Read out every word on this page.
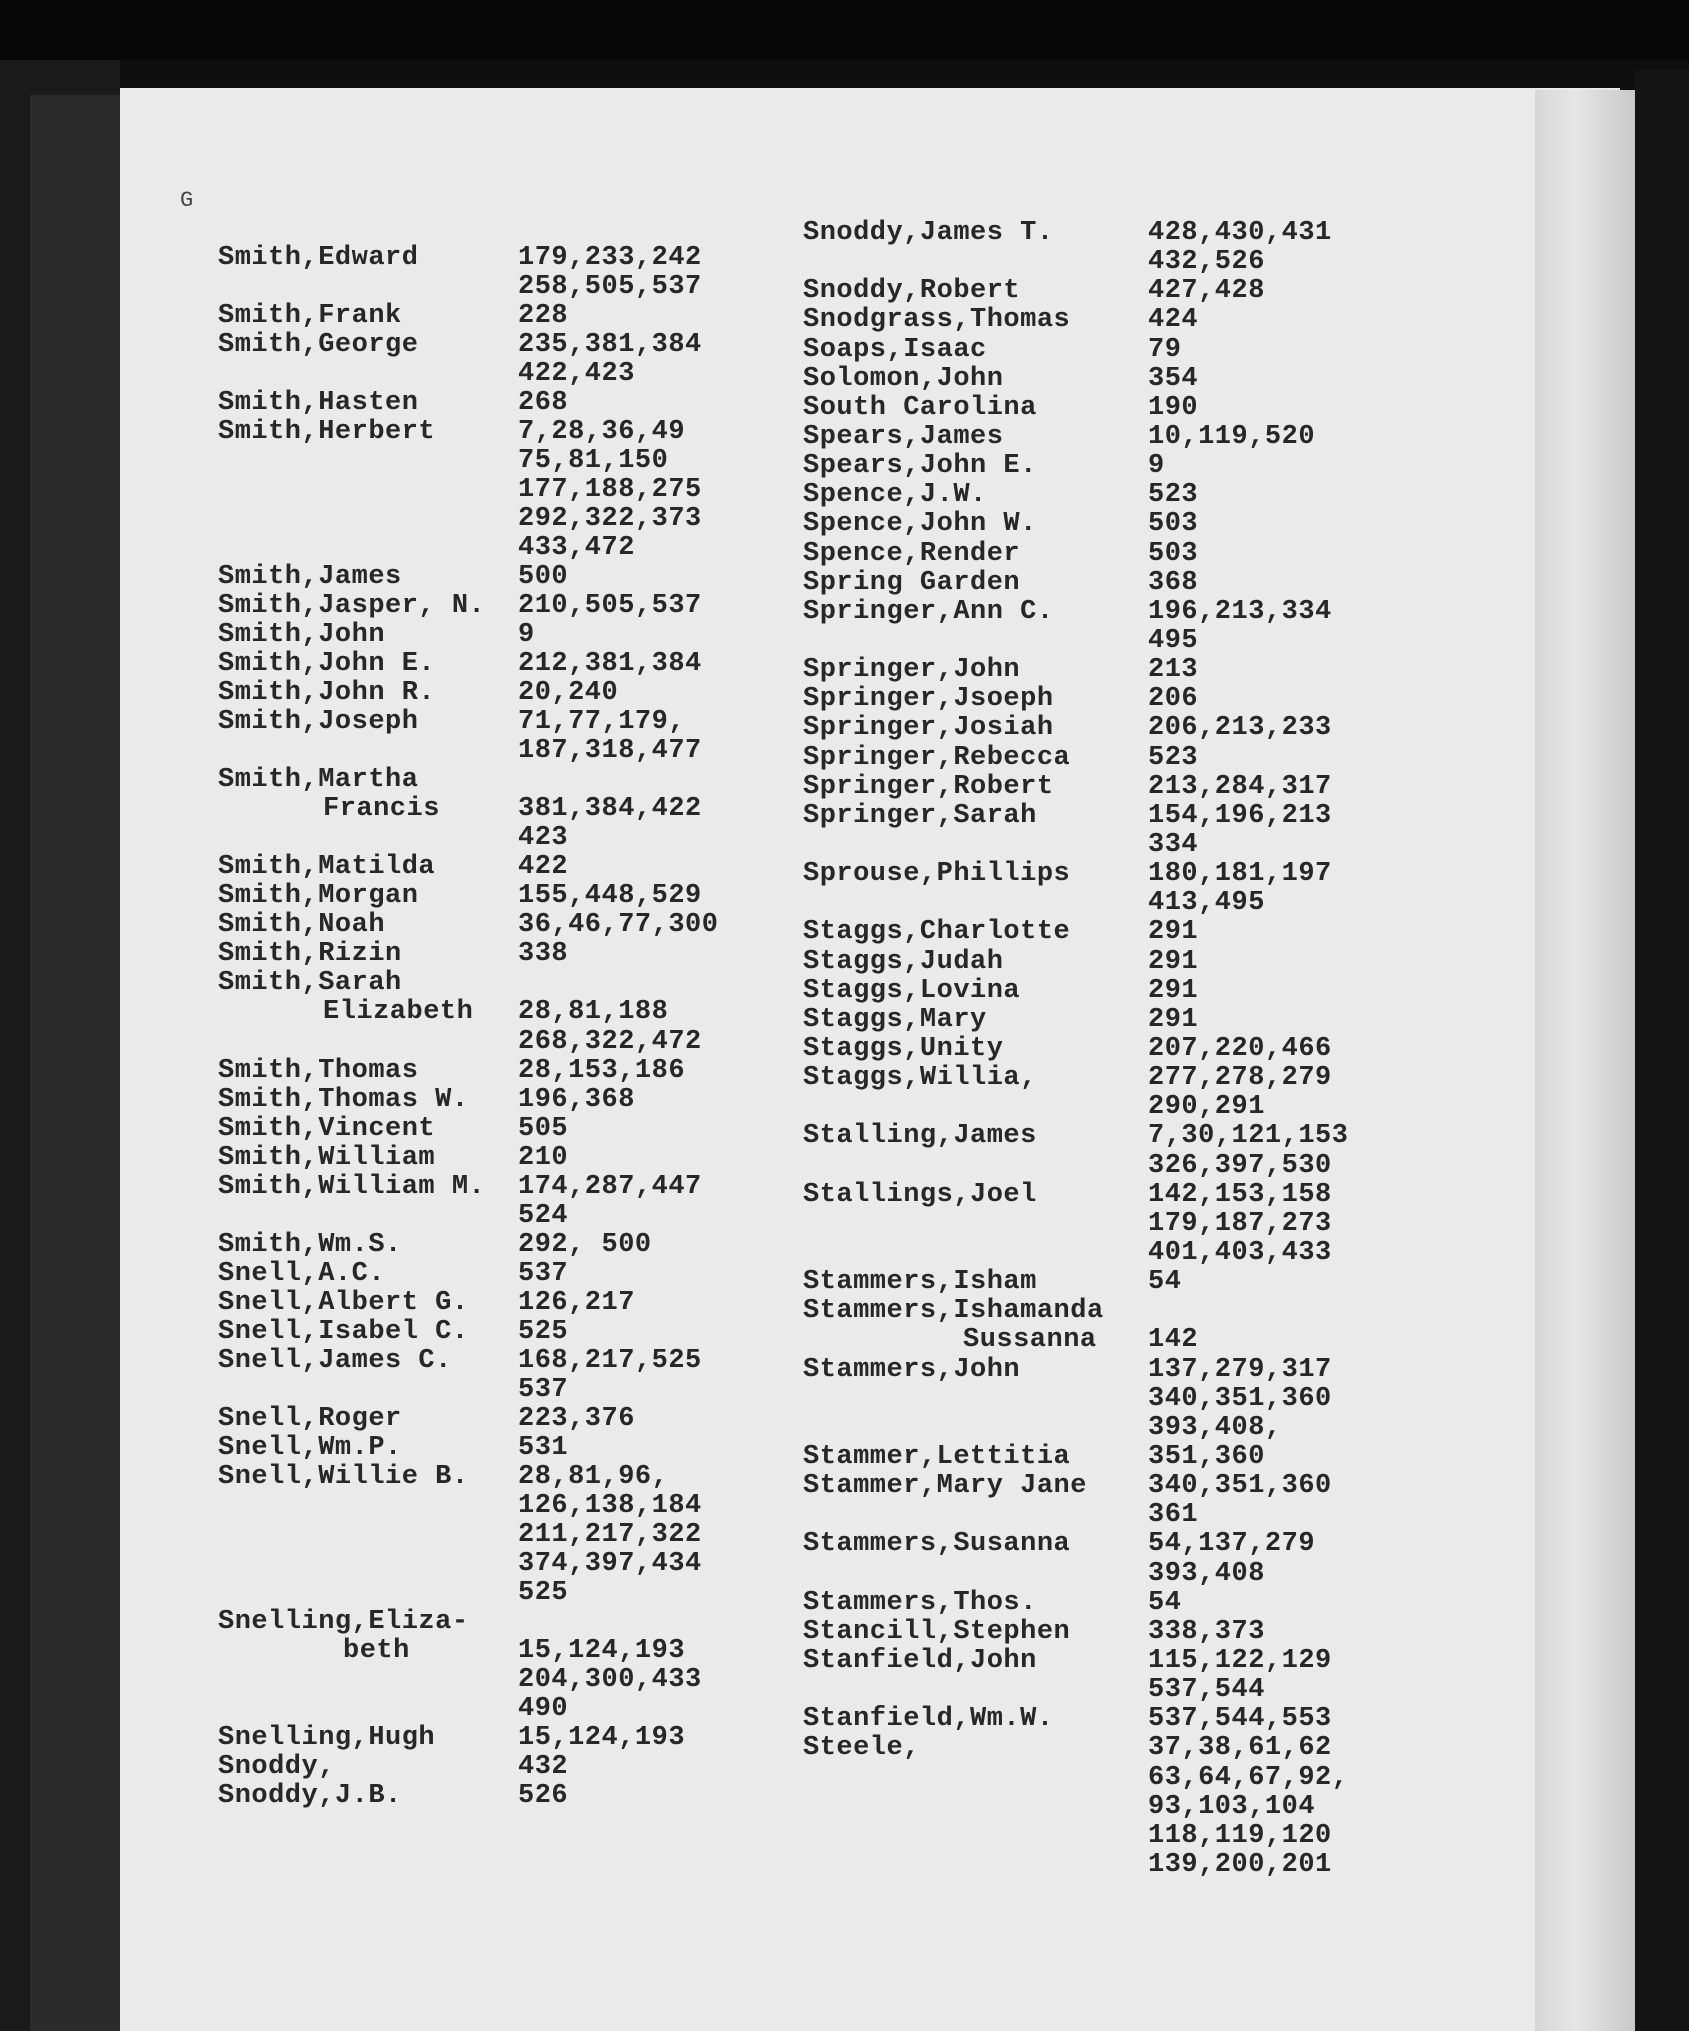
G
Smith,Edward	179,233,242
258,505,537
Smith,Frank	228
Smith,George	235,381,384
422,423
Smith,Hasten	268
Smith,Herbert	7,28,36,49
75,81,150
177,188,275
292,322,373
433,472
Smith,James	500
Smith,Jasper, N. 210,505,537
Smith,John	9
Smith,John E.	212,381,384
Smith,John R.	20,240
Smith,Joseph	71,77,179,
187,318,477
Smith,Martha
Francis	381,384,422
423
Smith,Matilda	422
Smith,Morgan	155,448,529
Smith,Noah	36,46,77,300
Smith,Rizin	338
Smith,Sarah
Elizabeth 28,81,188
268,322,472
Smith,Thomas	28,153,186
Smith,Thomas W. 196,368
Smith,Vincent	505
Smith,William	210
Smith,William M. 174,287,447
524
Smith,Wm.S.	292, 500
Snell,A.C.	537
Snell,Albert G. 126,217
Snell,Isabel C. 525
Snell,James C. 168,217,525
537
Snell,Roger	223,376
Snell,Wm.P.	531
Snell,Willie B. 28,81,96,
126,138,184
211,217,322
374,397,434
525
Snelling,Eliza-
beth	15,124,193
204,300,433
490
Snelling,Hugh	15,124,193
Snoddy,	432
Snoddy,J.B.	526
Snoddy,James T.	428,430,431
432,526
Snoddy,Robert	427,428
Snodgrass,Thomas	424
Soaps,Isaac	79
Solomon,John	354
South Carolina	190
Spears,James	10,119,520
Spears,John E.	9
Spence,J.W.	523
Spence,John W.	503
Spence,Render	503
Spring Garden	368
Springer,Ann C.	196,213,334
495
Springer,John	213
Springer,Jsoeph	206
Springer,Josiah	206,213,233
Springer,Rebecca	523
Springer,Robert	213,284,317
Springer,Sarah	154,196,213
334
Sprouse,Phillips	180,181,197
413,495
Staggs,Charlotte	291
Staggs,Judah	291
Staggs,Lovina	291
Staggs,Mary	291
Staggs,Unity	207,220,466
Staggs,Willia,	277,278,279
290,291
Stalling,James	7,30,121,153
326,397,530
Stallings,Joel	142,153,158
179,187,273
401,403,433
Stammers,Isham	54
Stammers,Ishamanda
Sussanna 142
Stammers,John	137,279,317
340,351,360
393,408,
Stammer,Lettitia	351,360
Stammer,Mary Jane 340,351,360
361
Stammers,Susanna	54,137,279
393,408
Stammers,Thos.	54
Stancill,Stephen	338,373
Stanfield,John	115,122,129
537,544
Stanfield,Wm.W.	537,544,553
Steele,	37,38,61,62
63,64,67,92,
93,103,104
118,119,120
139,200,201
